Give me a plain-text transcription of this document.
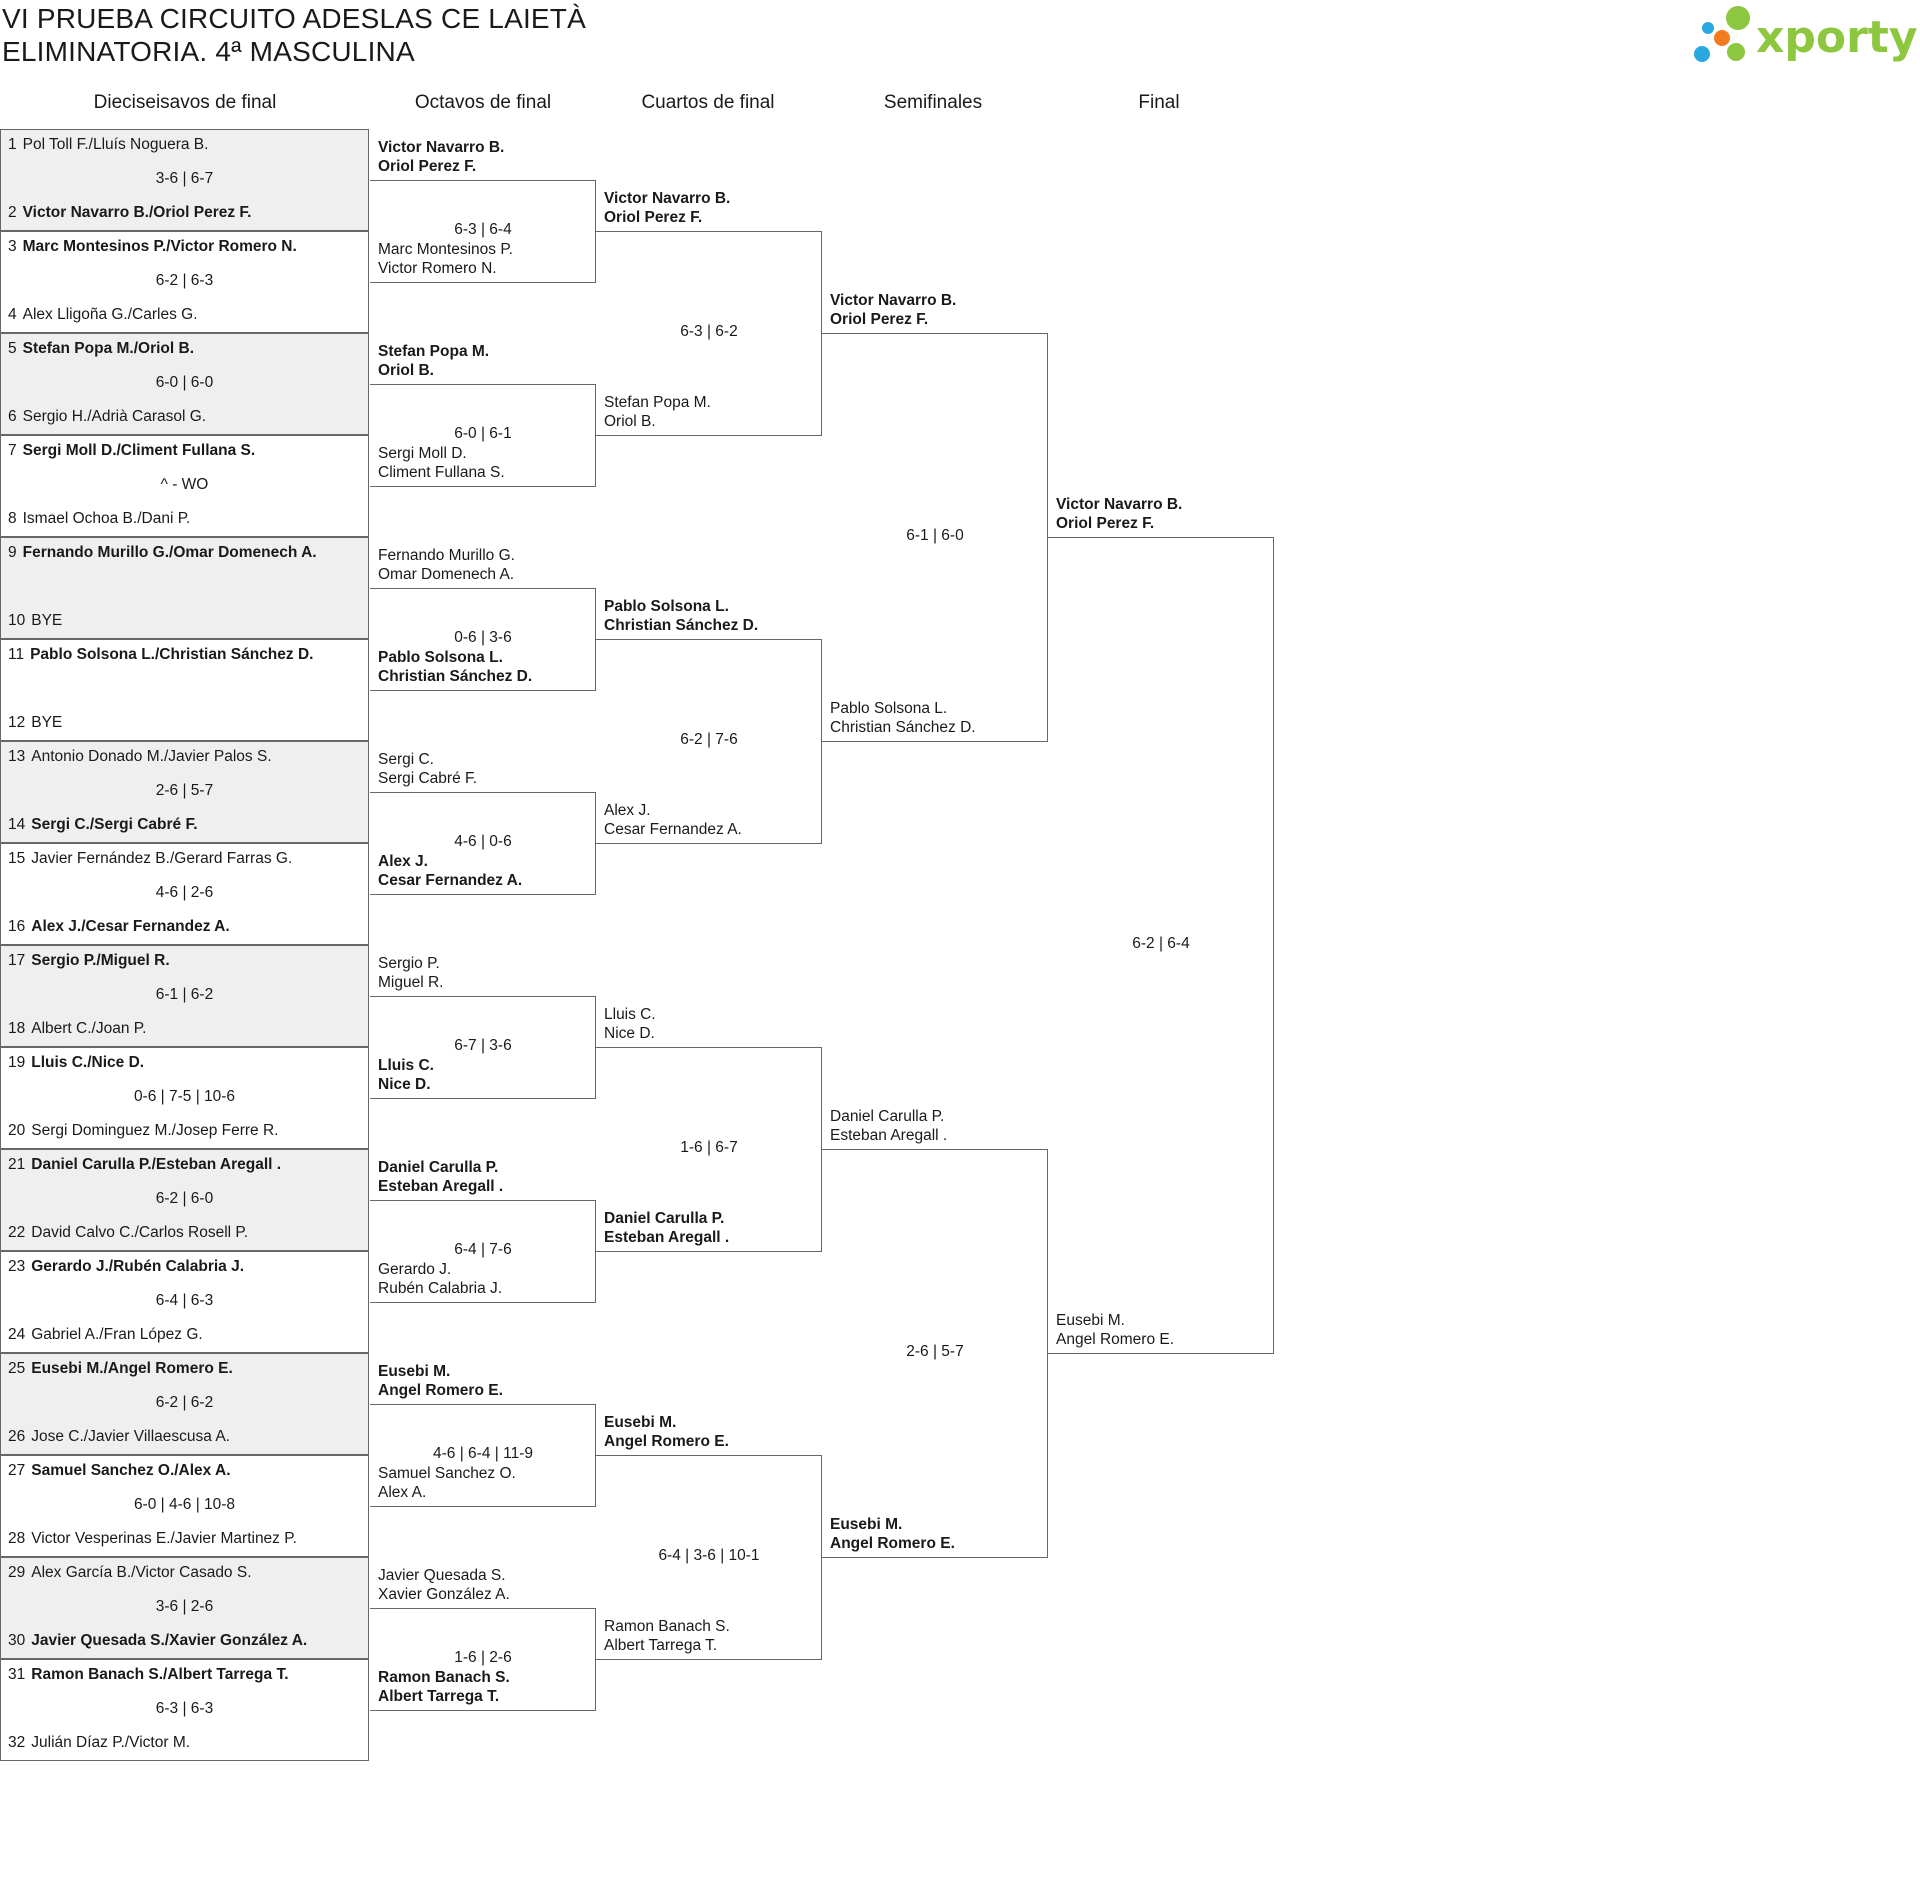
VI PRUEBA CIRCUITO ADESLAS CE LAIETÀ
ELIMINATORIA. 4ª MASCULINA	xporty
Dieciseisavos de final	Octavos de final	Cuartos de final	Semifinales	Final
1 Pol Toll F./Lluís Noguera B.
3-6 | 6-7
2 Victor Navarro B./Oriol Perez F.
3 Marc Montesinos P./Victor Romero N.
6-2 | 6-3
4 Alex Lligoña G./Carles G.
5 Stefan Popa M./Oriol B.
6-0 | 6-0
6 Sergio H./Adrià Carasol G.
7 Sergi Moll D./Climent Fullana S.
^ - WO
8 Ismael Ochoa B./Dani P.
9 Fernando Murillo G./Omar Domenech A.
10 BYE
11 Pablo Solsona L./Christian Sánchez D.
12 BYE
13 Antonio Donado M./Javier Palos S.
2-6 | 5-7
14 Sergi C./Sergi Cabré F.
15 Javier Fernández B./Gerard Farras G.
4-6 | 2-6
16 Alex J./Cesar Fernandez A.
17 Sergio P./Miguel R.
6-1 | 6-2
18 Albert C./Joan P.
19 Lluis C./Nice D.
0-6 | 7-5 | 10-6
20 Sergi Dominguez M./Josep Ferre R.
21 Daniel Carulla P./Esteban Aregall .
6-2 | 6-0
22 David Calvo C./Carlos Rosell P.
23 Gerardo J./Rubén Calabria J.
6-4 | 6-3
24 Gabriel A./Fran López G.
25 Eusebi M./Angel Romero E.
6-2 | 6-2
26 Jose C./Javier Villaescusa A.
27 Samuel Sanchez O./Alex A.
6-0 | 4-6 | 10-8
28 Victor Vesperinas E./Javier Martinez P.
29 Alex García B./Victor Casado S.
3-6 | 2-6
30 Javier Quesada S./Xavier González A.
31 Ramon Banach S./Albert Tarrega T.
6-3 | 6-3
32 Julián Díaz P./Victor M.
Victor Navarro B.
Oriol Perez F.
Marc Montesinos P.
Victor Romero N.
6-3 | 6-4
Stefan Popa M.
Oriol B.
Sergi Moll D.
Climent Fullana S.
6-0 | 6-1
Fernando Murillo G.
Omar Domenech A.
Pablo Solsona L.
Christian Sánchez D.
0-6 | 3-6
Sergi C.
Sergi Cabré F.
Alex J.
Cesar Fernandez A.
4-6 | 0-6
Sergio P.
Miguel R.
Lluis C.
Nice D.
6-7 | 3-6
Daniel Carulla P.
Esteban Aregall .
Gerardo J.
Rubén Calabria J.
6-4 | 7-6
Eusebi M.
Angel Romero E.
Samuel Sanchez O.
Alex A.
4-6 | 6-4 | 11-9
Javier Quesada S.
Xavier González A.
Ramon Banach S.
Albert Tarrega T.
1-6 | 2-6
Victor Navarro B.
Oriol Perez F.
Stefan Popa M.
Oriol B.
6-3 | 6-2
Pablo Solsona L.
Christian Sánchez D.
Alex J.
Cesar Fernandez A.
6-2 | 7-6
Lluis C.
Nice D.
Daniel Carulla P.
Esteban Aregall .
1-6 | 6-7
Eusebi M.
Angel Romero E.
Ramon Banach S.
Albert Tarrega T.
6-4 | 3-6 | 10-1
Victor Navarro B.
Oriol Perez F.
Pablo Solsona L.
Christian Sánchez D.
6-1 | 6-0
Daniel Carulla P.
Esteban Aregall .
Eusebi M.
Angel Romero E.
2-6 | 5-7
Victor Navarro B.
Oriol Perez F.
Eusebi M.
Angel Romero E.
6-2 | 6-4
